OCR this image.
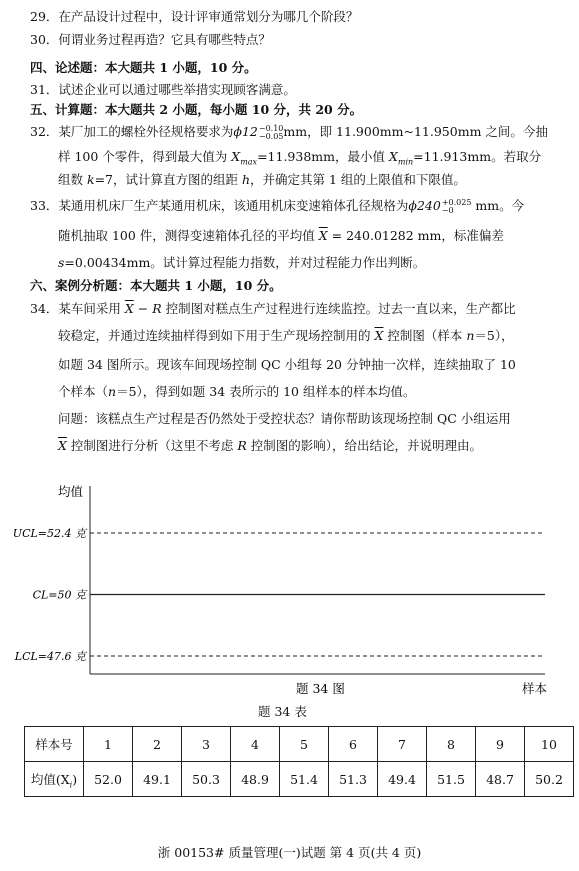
29．在产品设计过程中，设计评审通常划分为哪几个阶段？
30．何谓业务过程再造？它具有哪些特点？
四、论述题：本大题共 1 小题，10 分。
31．试述企业可以通过哪些举措实现顾客满意。
五、计算题：本大题共 2 小题，每小题 10 分，共 20 分。
32．某厂加工的螺栓外径规格要求为ϕ12−0.10
−0.05mm，即 11.900mm~11.950mm 之间。今抽
样 100 个零件，得到最大值为 $X_{max}=11.938mm$，最小值 $X_{min}=11.913mm$。若取分
组数 k=7，试计算直方图的组距 h，并确定其第 1 组的上限值和下限值。
33．某通用机床厂生产某通用机床，该通用机床变速箱体孔径规格为ϕ240+0.025
−0 mm。今
随机抽取 100 件，测得变速箱体孔径的平均值 $\overline{X} = 240.01282$ mm，标准偏差
s=0.00434mm。试计算过程能力指数，并对过程能力作出判断。
六、案例分析题：本大题共 1 小题，10 分。
34．某车间采用 $\overline{X} - R$ 控制图对糕点生产过程进行连续监控。过去一直以来，生产都比
较稳定，并通过连续抽样得到如下用于生产现场控制用的 $\overline{X}$ 控制图（样本 n＝5），
如题 34 图所示。现该车间现场控制 QC 小组每 20 分钟抽一次样，连续抽取了 10
个样本（n＝5），得到如题 34 表所示的 10 组样本的样本均值。
问题：该糕点生产过程是否仍然处于受控状态？请你帮助该现场控制 QC 小组运用
$\overline{X}$ 控制图进行分析（这里不考虑 R 控制图的影响），给出结论，并说明理由。
均值
样本
题 34 图
UCL=52.4 克
CL=50 克
LCL=47.6 克
题 34 表
样本号	1	2	3	4	5	6	7	8	9	10
均值$(X_i)$	52.0	49.1	50.3	48.9	51.4	51.3	49.4	51.5	48.7	50.2
浙 00153# 质量管理(一)试题 第 4 页(共 4 页)
